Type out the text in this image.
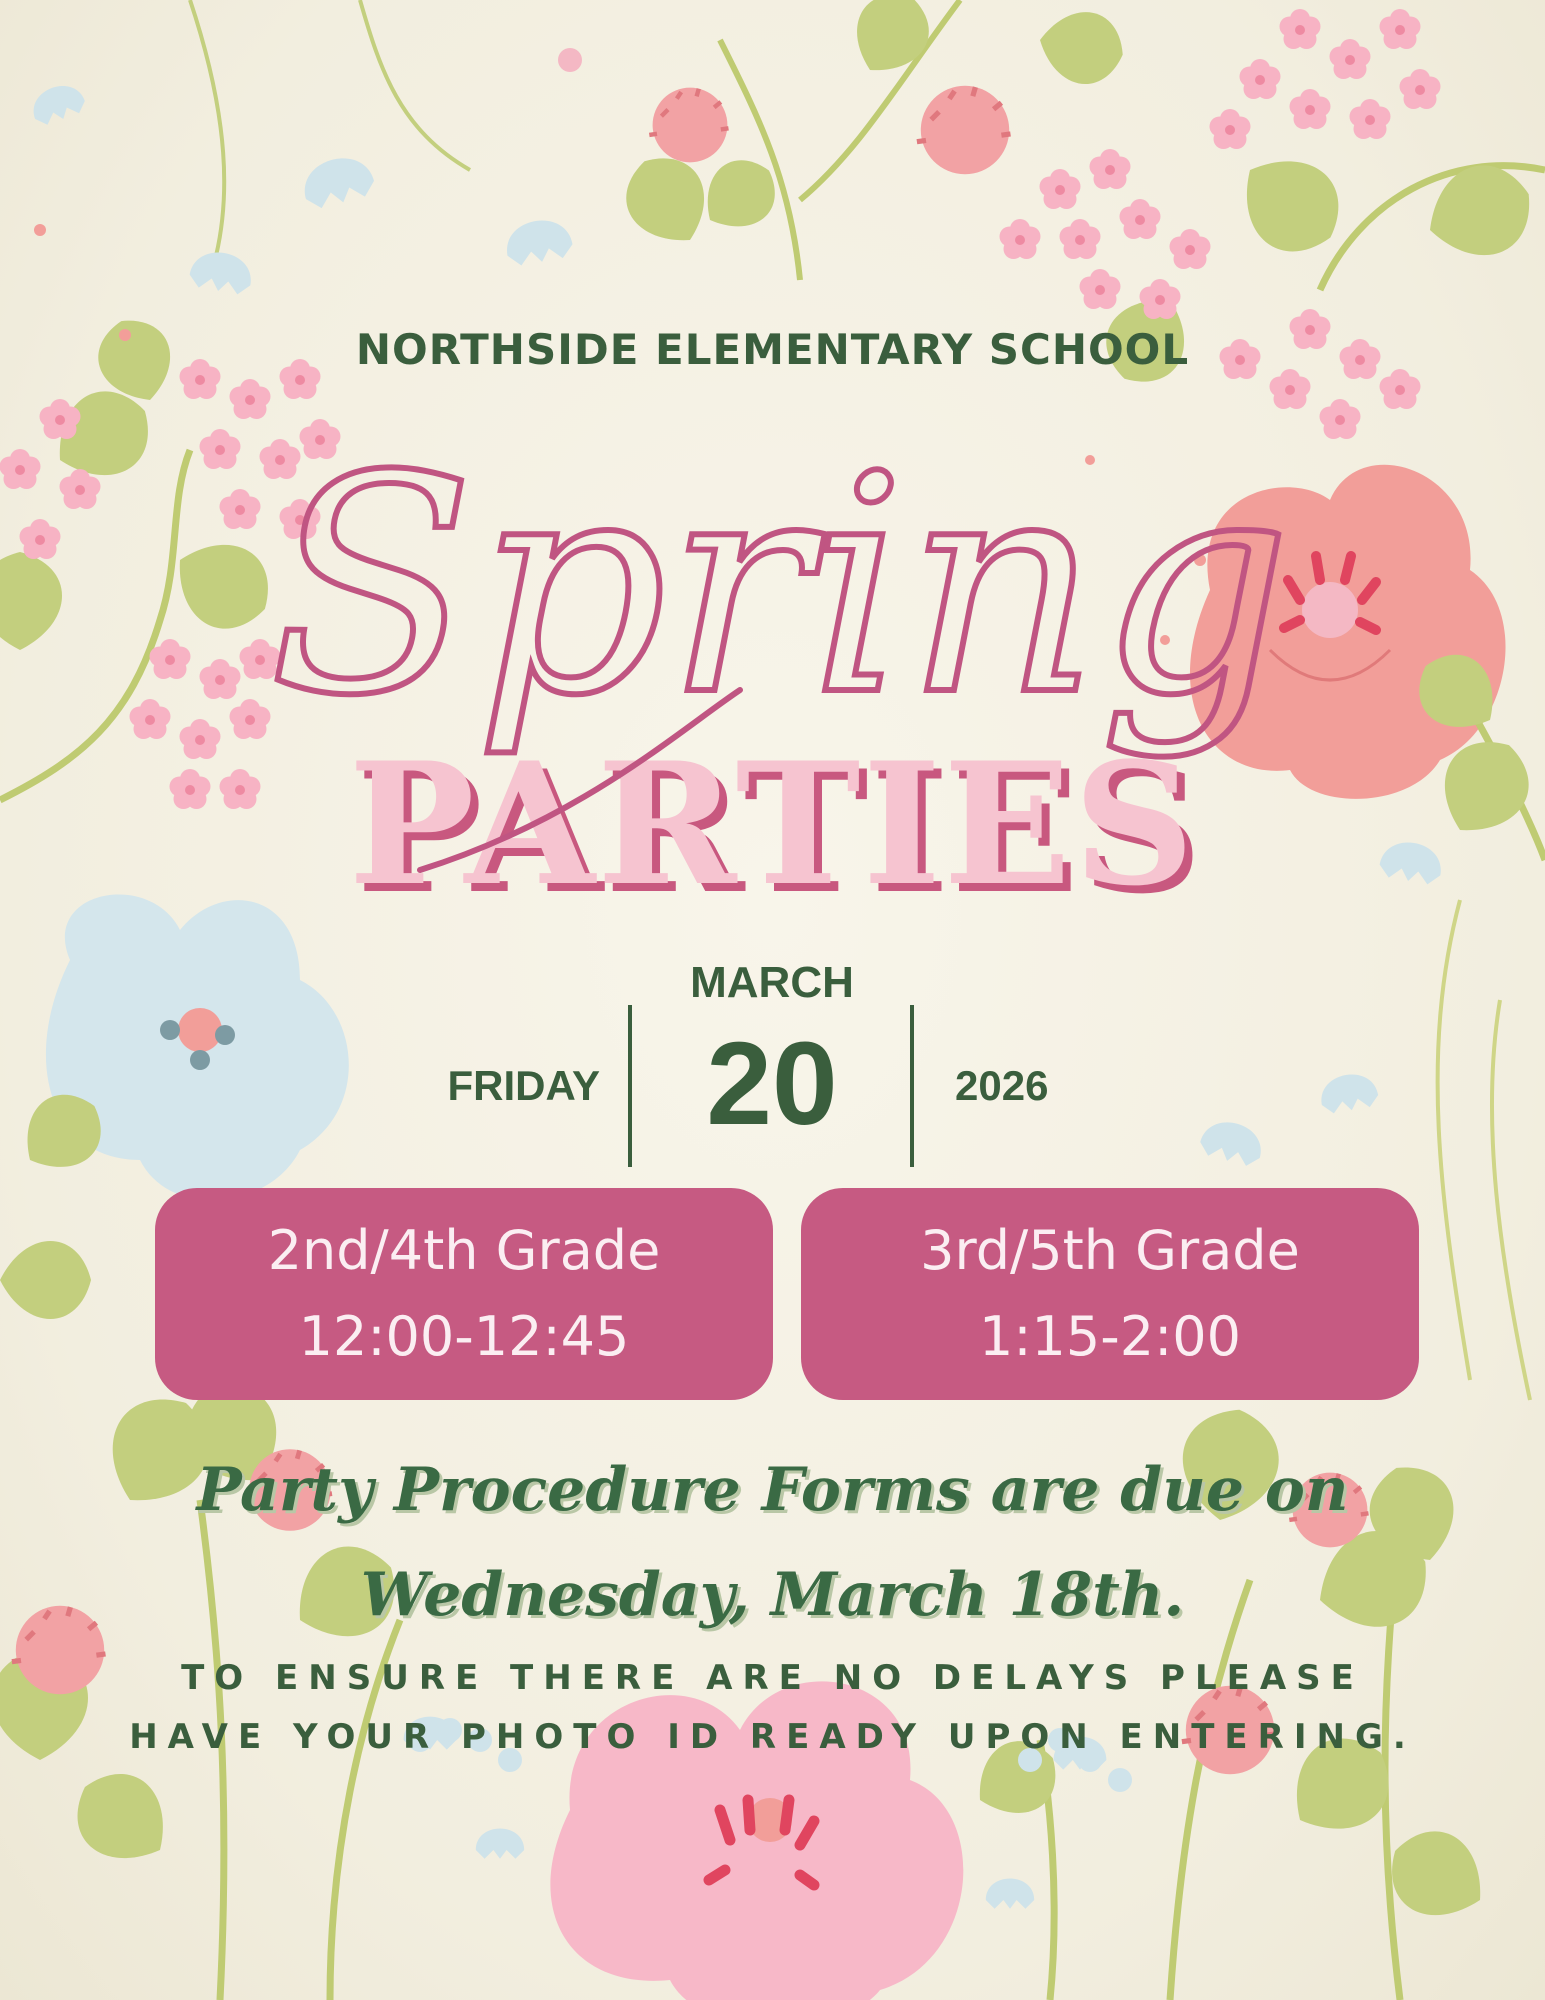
NORTHSIDE ELEMENTARY SCHOOL
PARTIES
Spring
FRIDAY
MARCH
20	2026
2nd/4th Grade
12:00-12:45
3rd/5th Grade
1:15-2:00
Party Procedure Forms are due on
Wednesday, March 18th.
TO ENSURE THERE ARE NO DELAYS PLEASE
HAVE YOUR PHOTO ID READY UPON ENTERING.
